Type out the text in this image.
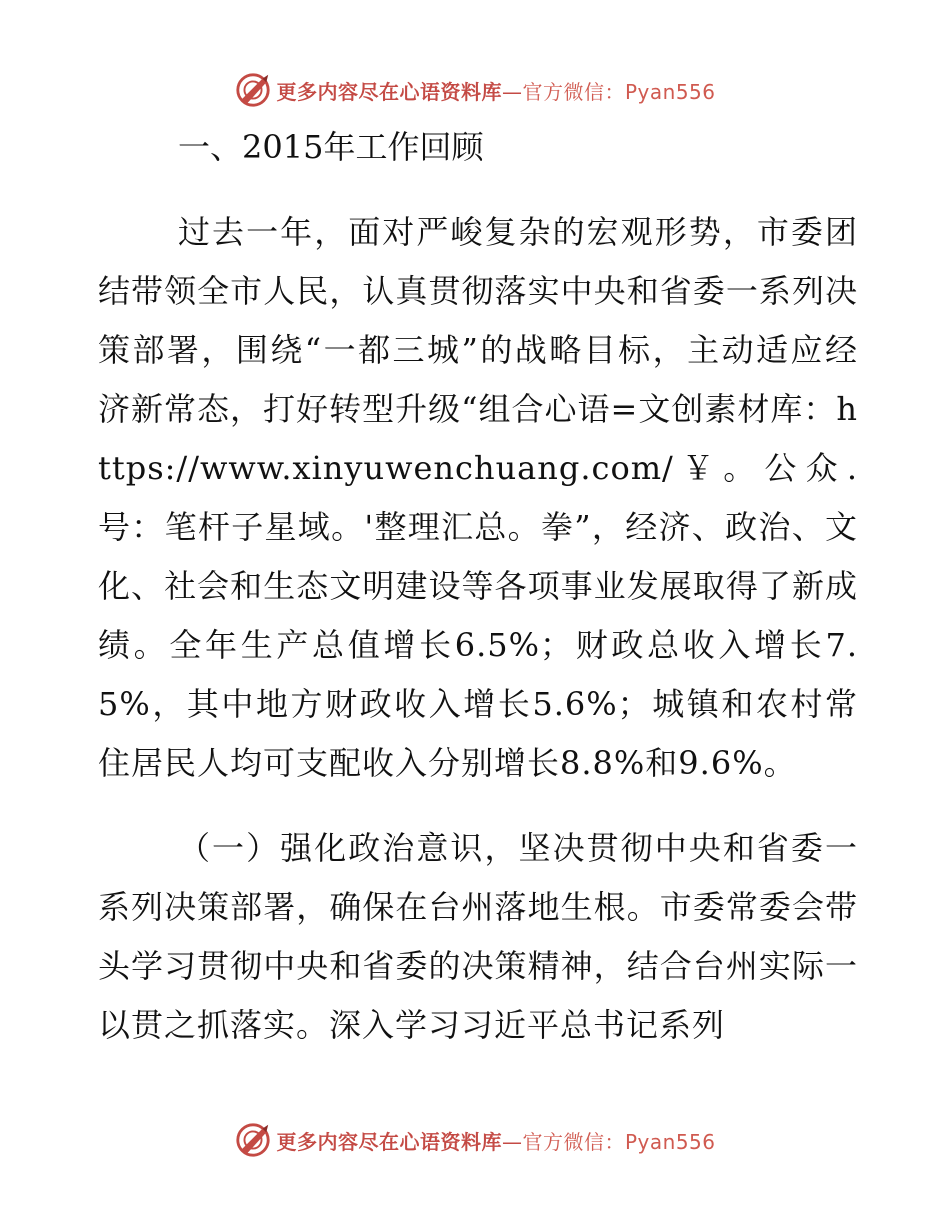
更多内容尽在心语资料库—官方微信：Pyan556

一、2015年工作回顾

过去一年，面对严峻复杂的宏观形势，市委团结带领全市人民，认真贯彻落实中央和省委一系列决策部署，围绕“一都三城”的战略目标，主动适应经济新常态，打好转型升级“组合心语=文创素材库：https://www.xinyuwenchuang.com/￥。公众.号：笔杆子星域。'整理汇总。拳”，经济、政治、文化、社会和生态文明建设等各项事业发展取得了新成绩。全年生产总值增长6.5%；财政总收入增长7.5%，其中地方财政收入增长5.6%；城镇和农村常住居民人均可支配收入分别增长8.8%和9.6%。

（一）强化政治意识，坚决贯彻中央和省委一系列决策部署，确保在台州落地生根。市委常委会带头学习贯彻中央和省委的决策精神，结合台州实际一以贯之抓落实。深入学习习近平总书记系列

更多内容尽在心语资料库—官方微信：Pyan556
